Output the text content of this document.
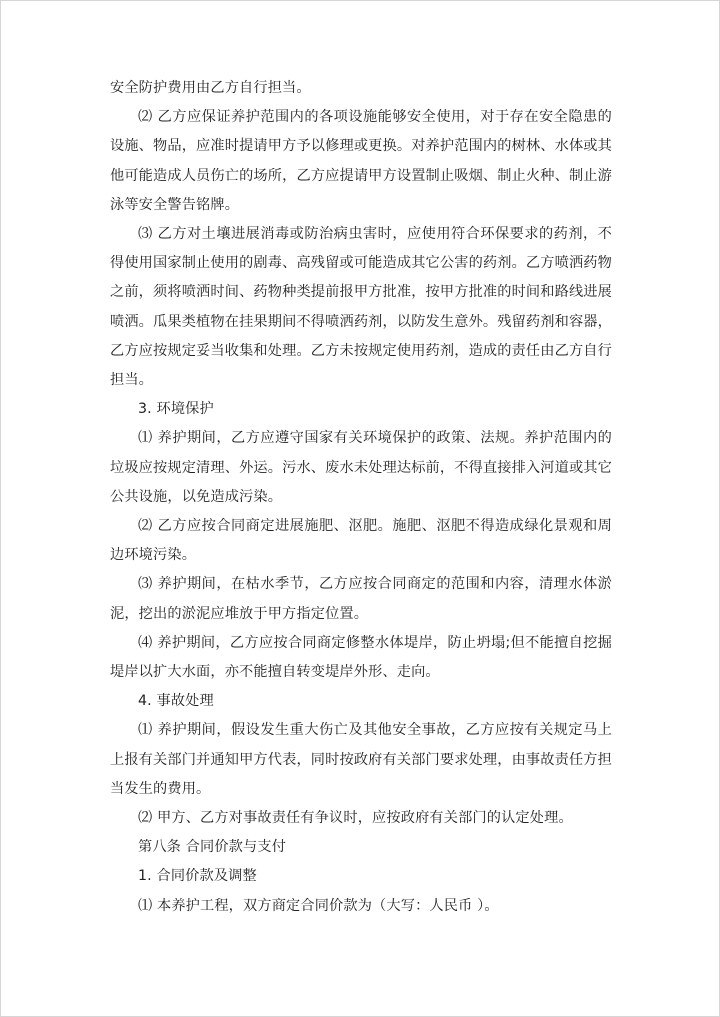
安全防护费用由乙方自行担当。

⑵ 乙方应保证养护范围内的各项设施能够安全使用，对于存在安全隐患的设施、物品，应准时提请甲方予以修理或更换。对养护范围内的树林、水体或其他可能造成人员伤亡的场所，乙方应提请甲方设置制止吸烟、制止火种、制止游泳等安全警告铭牌。

⑶ 乙方对土壤进展消毒或防治病虫害时，应使用符合环保要求的药剂，不得使用国家制止使用的剧毒、高残留或可能造成其它公害的药剂。乙方喷洒药物之前，须将喷洒时间、药物种类提前报甲方批准，按甲方批准的时间和路线进展喷洒。瓜果类植物在挂果期间不得喷洒药剂，以防发生意外。残留药剂和容器，乙方应按规定妥当收集和处理。乙方未按规定使用药剂，造成的责任由乙方自行担当。

3. 环境保护

⑴ 养护期间，乙方应遵守国家有关环境保护的政策、法规。养护范围内的垃圾应按规定清理、外运。污水、废水未处理达标前，不得直接排入河道或其它公共设施，以免造成污染。

⑵ 乙方应按合同商定进展施肥、沤肥。施肥、沤肥不得造成绿化景观和周边环境污染。

⑶ 养护期间，在枯水季节，乙方应按合同商定的范围和内容，清理水体淤泥，挖出的淤泥应堆放于甲方指定位置。

⑷ 养护期间，乙方应按合同商定修整水体堤岸，防止坍塌;但不能擅自挖掘堤岸以扩大水面，亦不能擅自转变堤岸外形、走向。

4. 事故处理

⑴ 养护期间，假设发生重大伤亡及其他安全事故，乙方应按有关规定马上上报有关部门并通知甲方代表，同时按政府有关部门要求处理，由事故责任方担当发生的费用。

⑵ 甲方、乙方对事故责任有争议时，应按政府有关部门的认定处理。

第八条 合同价款与支付

1. 合同价款及调整

⑴ 本养护工程，双方商定合同价款为（大写：人民币 ）。
